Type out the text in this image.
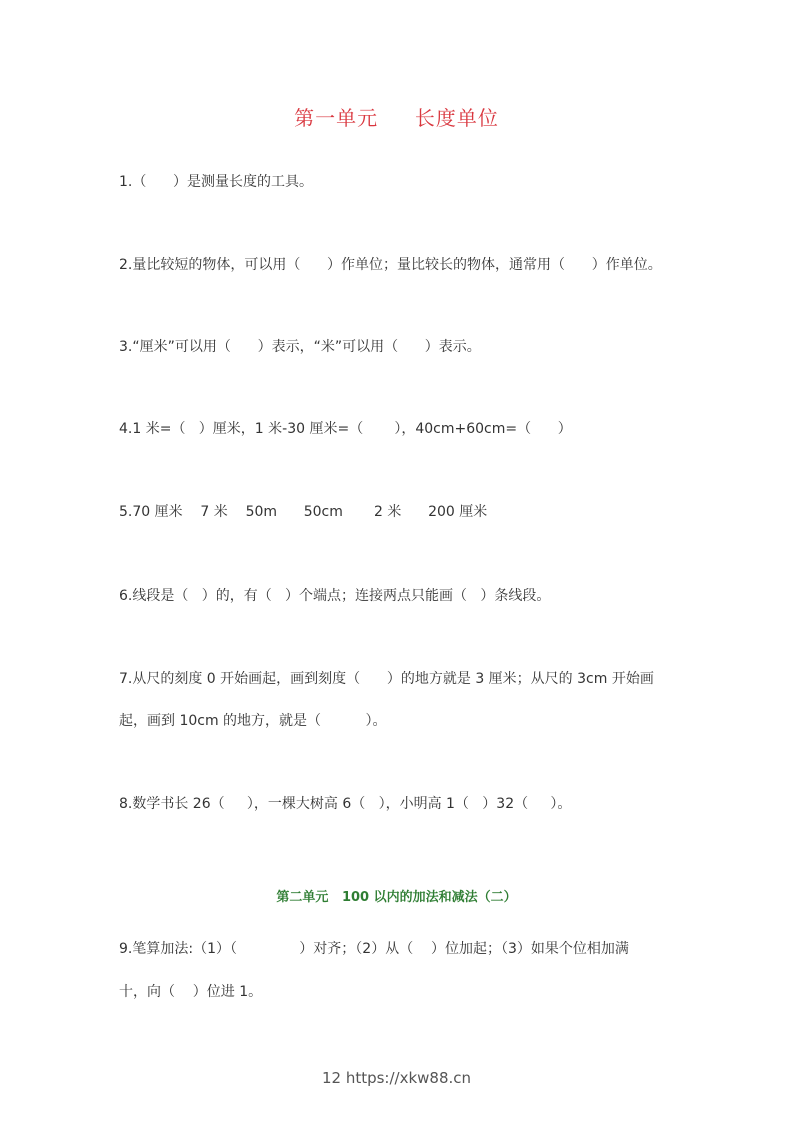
第一单元     长度单位
1.（      ）是测量长度的工具。
2.量比较短的物体，可以用（      ）作单位；量比较长的物体，通常用（      ）作单位。
3.“厘米”可以用（      ）表示，“米”可以用（      ）表示。
4.1 米=（   ）厘米，1 米-30 厘米=（       ），40cm+60cm=（      ）
5.70 厘米    7 米    50m      50cm       2 米      200 厘米
6.线段是（   ）的，有（   ）个端点；连接两点只能画（   ）条线段。
7.从尺的刻度 0 开始画起，画到刻度（      ）的地方就是 3 厘米；从尺的 3cm 开始画
起，画到 10cm 的地方，就是（          ）。
8.数学书长 26（     ），一棵大树高 6（   ），小明高 1（   ）32（     ）。
第二单元   100 以内的加法和减法（二）
9.笔算加法:（1）（              ）对齐；（2）从（    ）位加起；（3）如果个位相加满
十，向（    ）位进 1。
12 https://xkw88.cn
